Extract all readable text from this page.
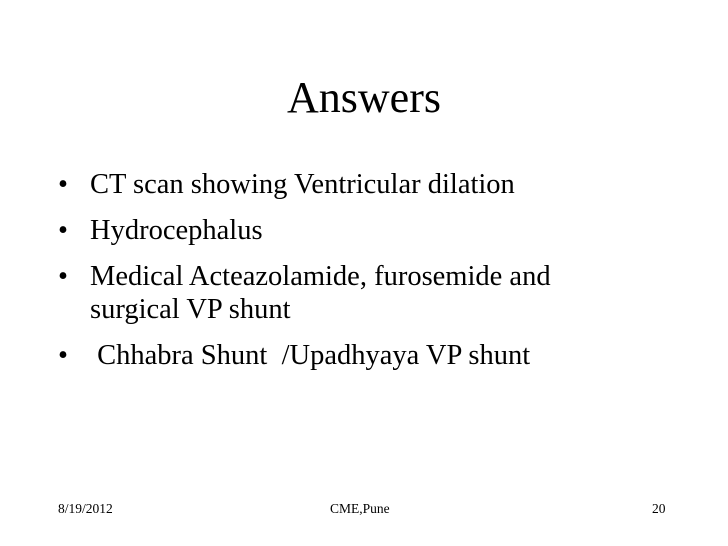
Answers
• CT scan showing Ventricular dilation
• Hydrocephalus
• Medical Acteazolamide, furosemide and
surgical VP shunt
• Chhabra Shunt  /Upadhyaya VP shunt
8/19/2012	CME,Pune	20
